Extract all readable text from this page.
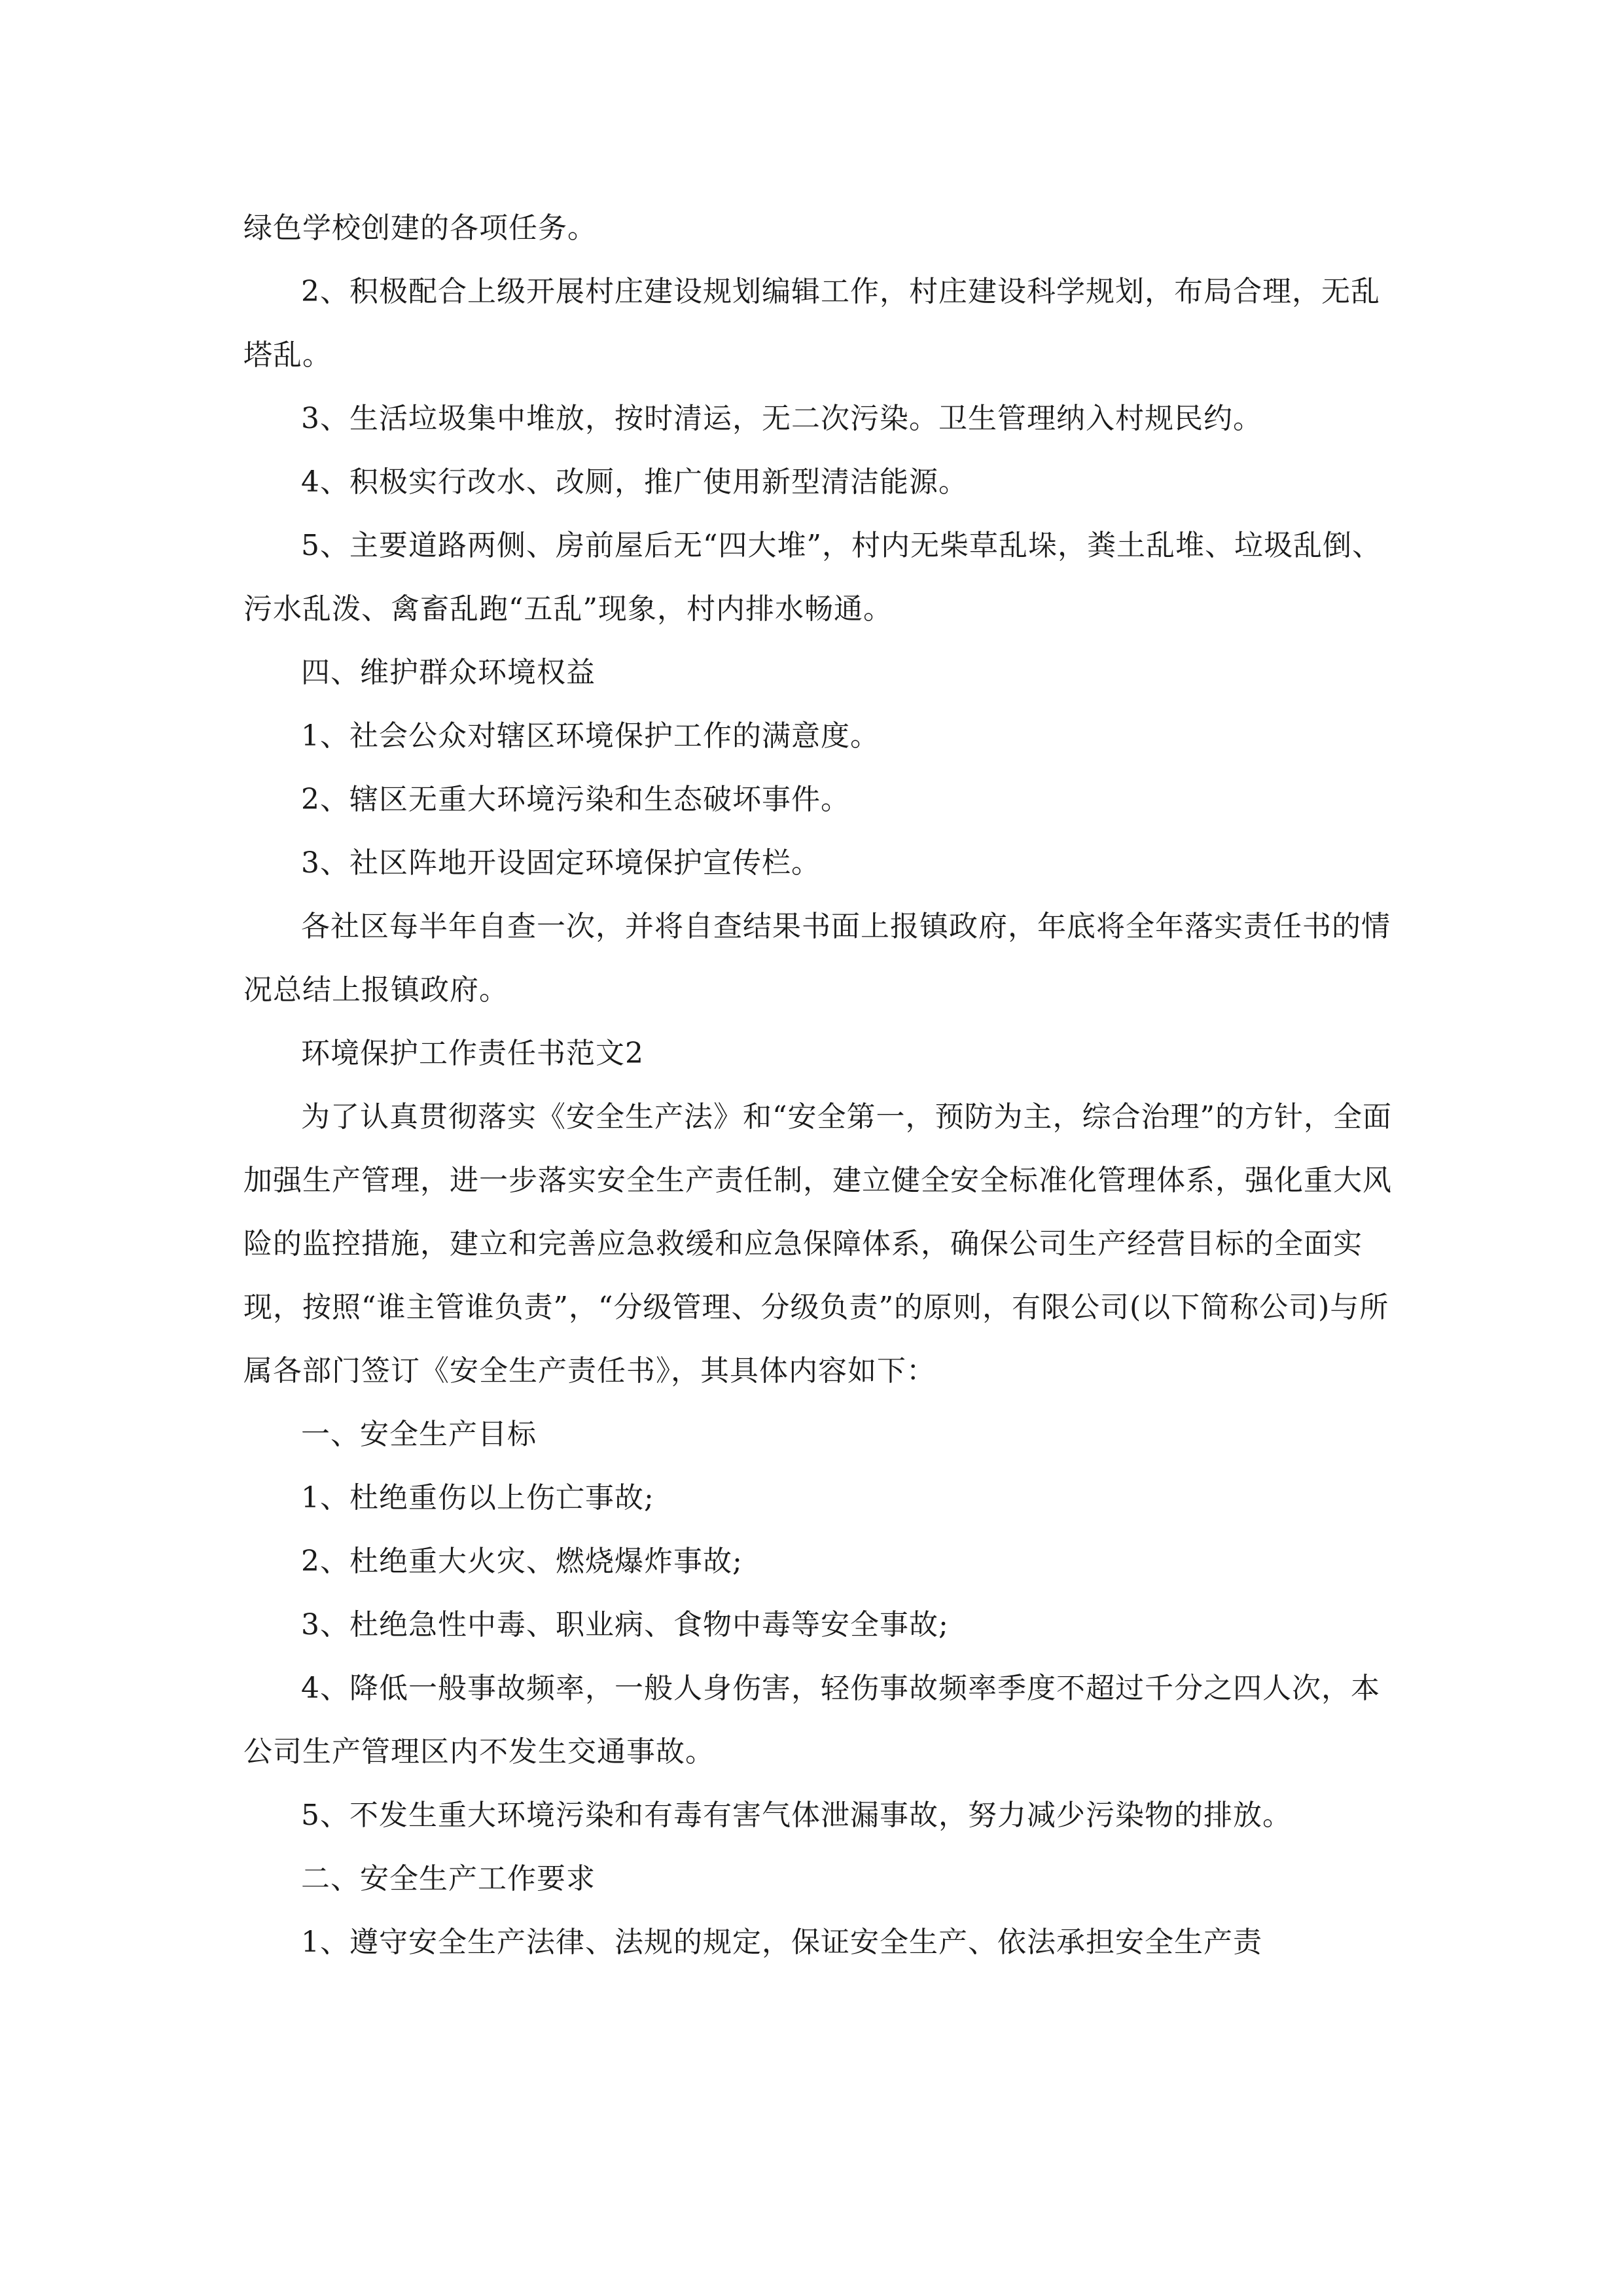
绿色学校创建的各项任务。

2、积极配合上级开展村庄建设规划编辑工作，村庄建设科学规划，布局合理，无乱塔乱。

3、生活垃圾集中堆放，按时清运，无二次污染。卫生管理纳入村规民约。

4、积极实行改水、改厕，推广使用新型清洁能源。

5、主要道路两侧、房前屋后无“四大堆”，村内无柴草乱垛，粪土乱堆、垃圾乱倒、污水乱泼、禽畜乱跑“五乱”现象，村内排水畅通。

四、维护群众环境权益

1、社会公众对辖区环境保护工作的满意度。

2、辖区无重大环境污染和生态破坏事件。

3、社区阵地开设固定环境保护宣传栏。

各社区每半年自查一次，并将自查结果书面上报镇政府，年底将全年落实责任书的情况总结上报镇政府。

环境保护工作责任书范文2

为了认真贯彻落实《安全生产法》和“安全第一，预防为主，综合治理”的方针，全面加强生产管理，进一步落实安全生产责任制，建立健全安全标准化管理体系，强化重大风险的监控措施，建立和完善应急救缓和应急保障体系，确保公司生产经营目标的全面实现，按照“谁主管谁负责”，“分级管理、分级负责”的原则，有限公司(以下简称公司)与所属各部门签订《安全生产责任书》，其具体内容如下：

一、安全生产目标

1、杜绝重伤以上伤亡事故;

2、杜绝重大火灾、燃烧爆炸事故;

3、杜绝急性中毒、职业病、食物中毒等安全事故;

4、降低一般事故频率，一般人身伤害，轻伤事故频率季度不超过千分之四人次，本公司生产管理区内不发生交通事故。

5、不发生重大环境污染和有毒有害气体泄漏事故，努力减少污染物的排放。

二、安全生产工作要求

1、遵守安全生产法律、法规的规定，保证安全生产、依法承担安全生产责
